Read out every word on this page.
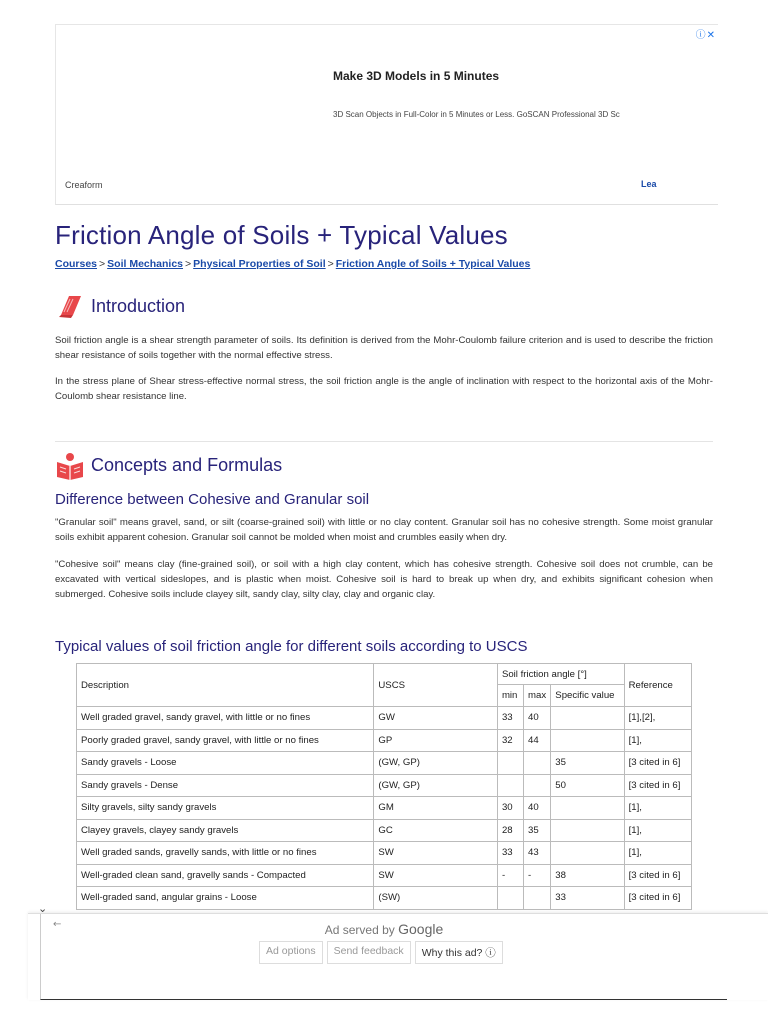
ⓘ✕
Make 3D Models in 5 Minutes
3D Scan Objects in Full-Color in 5 Minutes or Less. GoSCAN Professional 3D Sc
Creaform	Lea
Friction Angle of Soils + Typical Values
Courses > Soil Mechanics > Physical Properties of Soil > Friction Angle of Soils + Typical Values
Introduction

Soil friction angle is a shear strength parameter of soils. Its definition is derived from the Mohr-Coulomb failure criterion and is used to describe the friction shear resistance of soils together with the normal effective stress.

In the stress plane of Shear stress-effective normal stress, the soil friction angle is the angle of inclination with respect to the horizontal axis of the Mohr-Coulomb shear resistance line.

Concepts and Formulas
Difference between Cohesive and Granular soil

"Granular soil" means gravel, sand, or silt (coarse-grained soil) with little or no clay content. Granular soil has no cohesive strength. Some moist granular soils exhibit apparent cohesion. Granular soil cannot be molded when moist and crumbles easily when dry.

"Cohesive soil" means clay (fine-grained soil), or soil with a high clay content, which has cohesive strength. Cohesive soil does not crumble, can be excavated with vertical sideslopes, and is plastic when moist. Cohesive soil is hard to break up when dry, and exhibits significant cohesion when submerged. Cohesive soils include clayey silt, sandy clay, silty clay, clay and organic clay.

Typical values of soil friction angle for different soils according to USCS
Description	USCS	Soil friction angle [°]			Reference
		min	max	Specific value	
Well graded gravel, sandy gravel, with little or no fines	GW	33	40		[1],[2],
Poorly graded gravel, sandy gravel, with little or no fines	GP	32	44		[1],
Sandy gravels - Loose	(GW, GP)			35	[3 cited in 6]
Sandy gravels - Dense	(GW, GP)			50	[3 cited in 6]
Silty gravels, silty sandy gravels	GM	30	40		[1],
Clayey gravels, clayey sandy gravels	GC	28	35		[1],
Well graded sands, gravelly sands, with little or no fines	SW	33	43		[1],
Well-graded clean sand, gravelly sands - Compacted	SW	-	-	38	[3 cited in 6]
Well-graded sand, angular grains - Loose	(SW)			33	[3 cited in 6]
⌄
←	Ad served by Google
Ad options	Send feedback	Why this ad? ⓘ
